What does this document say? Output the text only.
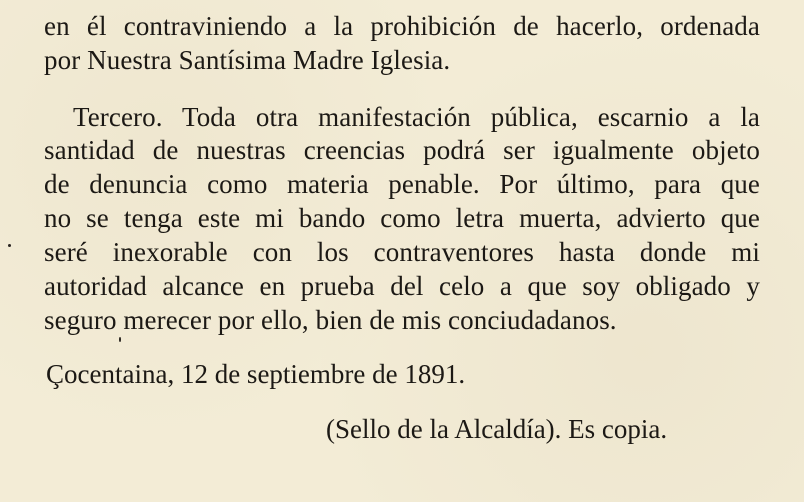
en él contraviniendo a la prohibición de hacerlo, ordenada
por Nuestra Santísima Madre Iglesia.
Tercero. Toda otra manifestación pública, escarnio a la
santidad de nuestras creencias podrá ser igualmente objeto
de denuncia como materia penable. Por último, para que
no se tenga este mi bando como letra muerta, advierto que
seré inexorable con los contraventores hasta donde mi
autoridad alcance en prueba del celo a que soy obligado y
seguro merecer por ello, bien de mis conciudadanos.
Çocentaina, 12 de septiembre de 1891.
(Sello de la Alcaldía). Es copia.
